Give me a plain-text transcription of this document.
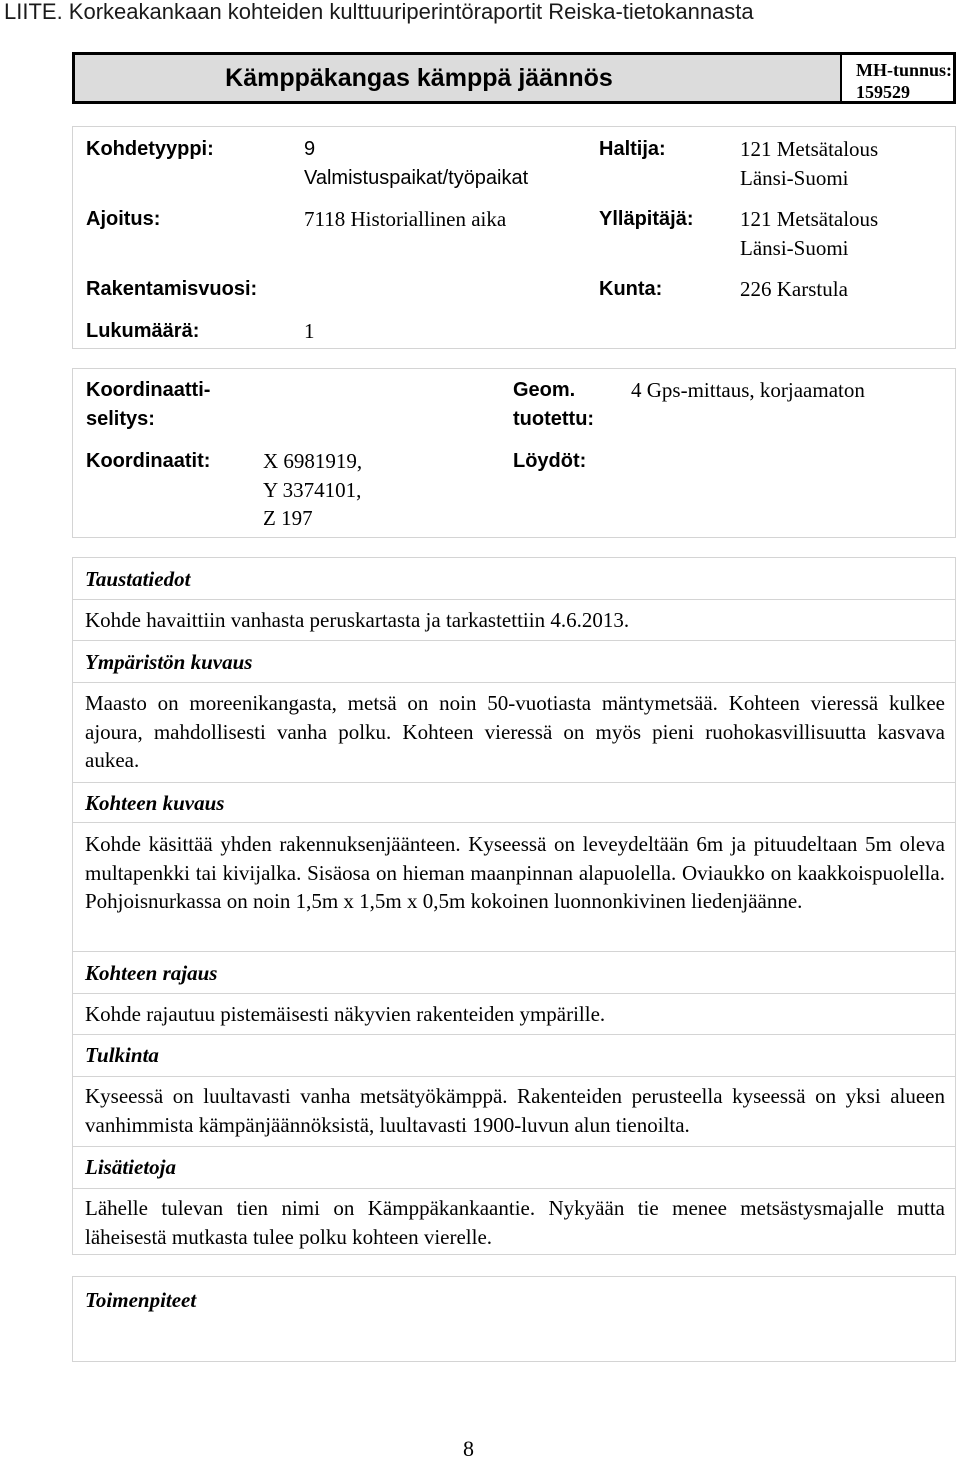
LIITE. Korkeakankaan kohteiden kulttuuriperintöraportit Reiska-tietokannasta
Kämppäkangas kämppä jäännös	MH-tunnus:
159529
Kohdetyyppi:	9
Valmistuspaikat/työpaikat
Haltija:	121 Metsätalous
Länsi-Suomi
Ajoitus:	7118 Historiallinen aika	Ylläpitäjä: 121 Metsätalous
Länsi-Suomi
Rakentamisvuosi:	Kunta:	226 Karstula
Lukumäärä:	1
Koordinaatti-
selitys:
Geom.
tuotettu:
4 Gps-mittaus, korjaamaton
Koordinaatit:	X 6981919,
Y 3374101,
Z 197
Löydöt:
Taustatiedot
Kohde havaittiin vanhasta peruskartasta ja tarkastettiin 4.6.2013.
Ympäristön kuvaus
Maasto on moreenikangasta, metsä on noin 50-vuotiasta mäntymetsää. Kohteen vieressä kulkee ajoura, mahdollisesti vanha polku. Kohteen vieressä on myös pieni ruohokasvillisuutta kasvava aukea.
Kohteen kuvaus
Kohde käsittää yhden rakennuksenjäänteen. Kyseessä on leveydeltään 6m ja pituudeltaan 5m oleva multapenkki tai kivijalka. Sisäosa on hieman maanpinnan alapuolella. Oviaukko on kaakkoispuolella. Pohjoisnurkassa on noin 1,5m x 1,5m x 0,5m kokoinen luonnonkivinen liedenjäänne.
Kohteen rajaus
Kohde rajautuu pistemäisesti näkyvien rakenteiden ympärille.
Tulkinta
Kyseessä on luultavasti vanha metsätyökämppä. Rakenteiden perusteella kyseessä on yksi alueen vanhimmista kämpänjäännöksistä, luultavasti 1900-luvun alun tienoilta.
Lisätietoja
Lähelle tulevan tien nimi on Kämppäkankaantie. Nykyään tie menee metsästysmajalle mutta läheisestä mutkasta tulee polku kohteen vierelle.
Toimenpiteet
8
